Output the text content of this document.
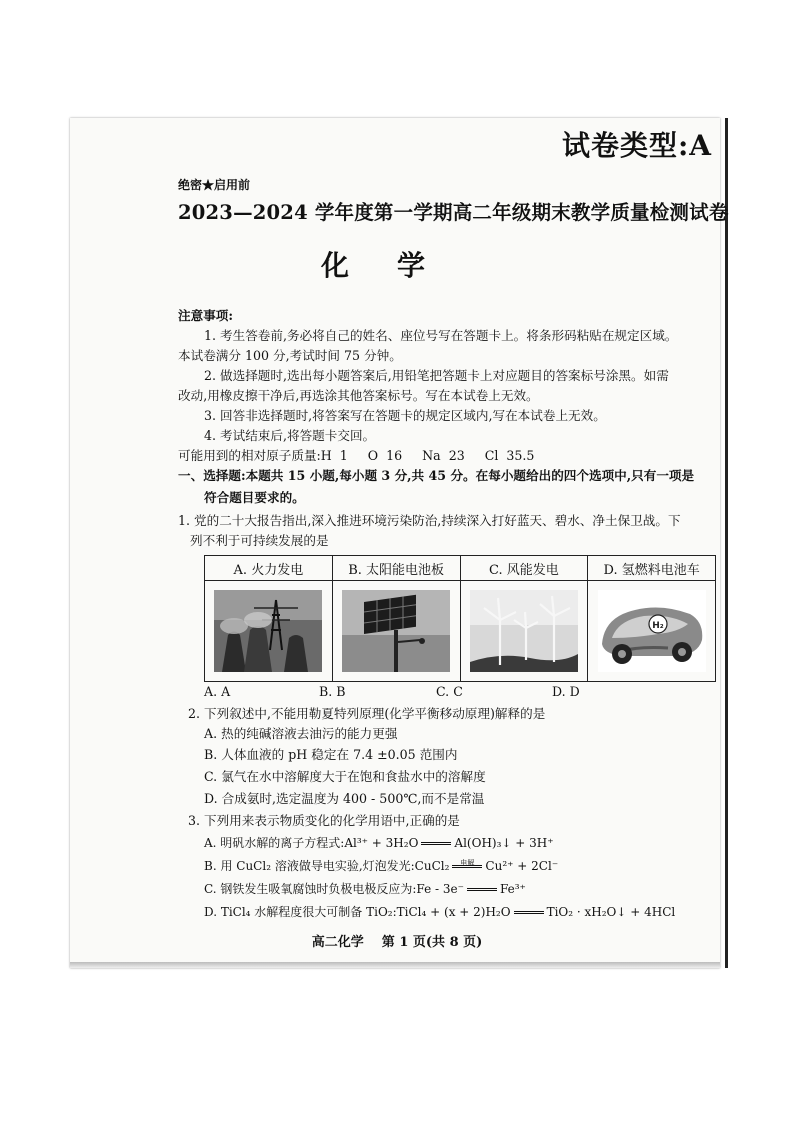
试卷类型:A
绝密★启用前
2023—2024 学年度第一学期高二年级期末教学质量检测试卷
化学
注意事项:
1. 考生答卷前,务必将自己的姓名、座位号写在答题卡上。将条形码粘贴在规定区域。
本试卷满分 100 分,考试时间 75 分钟。
2. 做选择题时,选出每小题答案后,用铅笔把答题卡上对应题目的答案标号涂黑。如需
改动,用橡皮擦干净后,再选涂其他答案标号。写在本试卷上无效。
3. 回答非选择题时,将答案写在答题卡的规定区域内,写在本试卷上无效。
4. 考试结束后,将答题卡交回。
可能用到的相对原子质量:H  1     O  16     Na  23     Cl  35.5
一、选择题:本题共 15 小题,每小题 3 分,共 45 分。在每小题给出的四个选项中,只有一项是
符合题目要求的。
1. 党的二十大报告指出,深入推进环境污染防治,持续深入打好蓝天、碧水、净土保卫战。下
列不利于可持续发展的是
A. 火力发电	B. 太阳能电池板	C. 风能发电	D. 氢燃料电池车

H₂
A. A	B. B	C. C	D. D
2. 下列叙述中,不能用勒夏特列原理(化学平衡移动原理)解释的是
A. 热的纯碱溶液去油污的能力更强
B. 人体血液的 pH 稳定在 7.4 ±0.05 范围内
C. 氯气在水中溶解度大于在饱和食盐水中的溶解度
D. 合成氨时,选定温度为 400 - 500℃,而不是常温
3. 下列用来表示物质变化的化学用语中,正确的是
A. 明矾水解的离子方程式:Al³⁺ + 3H₂O	Al(OH)₃↓ + 3H⁺
B. 用 CuCl₂ 溶液做导电实验,灯泡发光:CuCl₂	电解 Cu²⁺ + 2Cl⁻
C. 钢铁发生吸氧腐蚀时负极电极反应为:Fe - 3e⁻	Fe³⁺
D. TiCl₄ 水解程度很大可制备 TiO₂:TiCl₄ + (x + 2)H₂O	TiO₂ · xH₂O↓ + 4HCl
高二化学    第 1 页(共 8 页)
